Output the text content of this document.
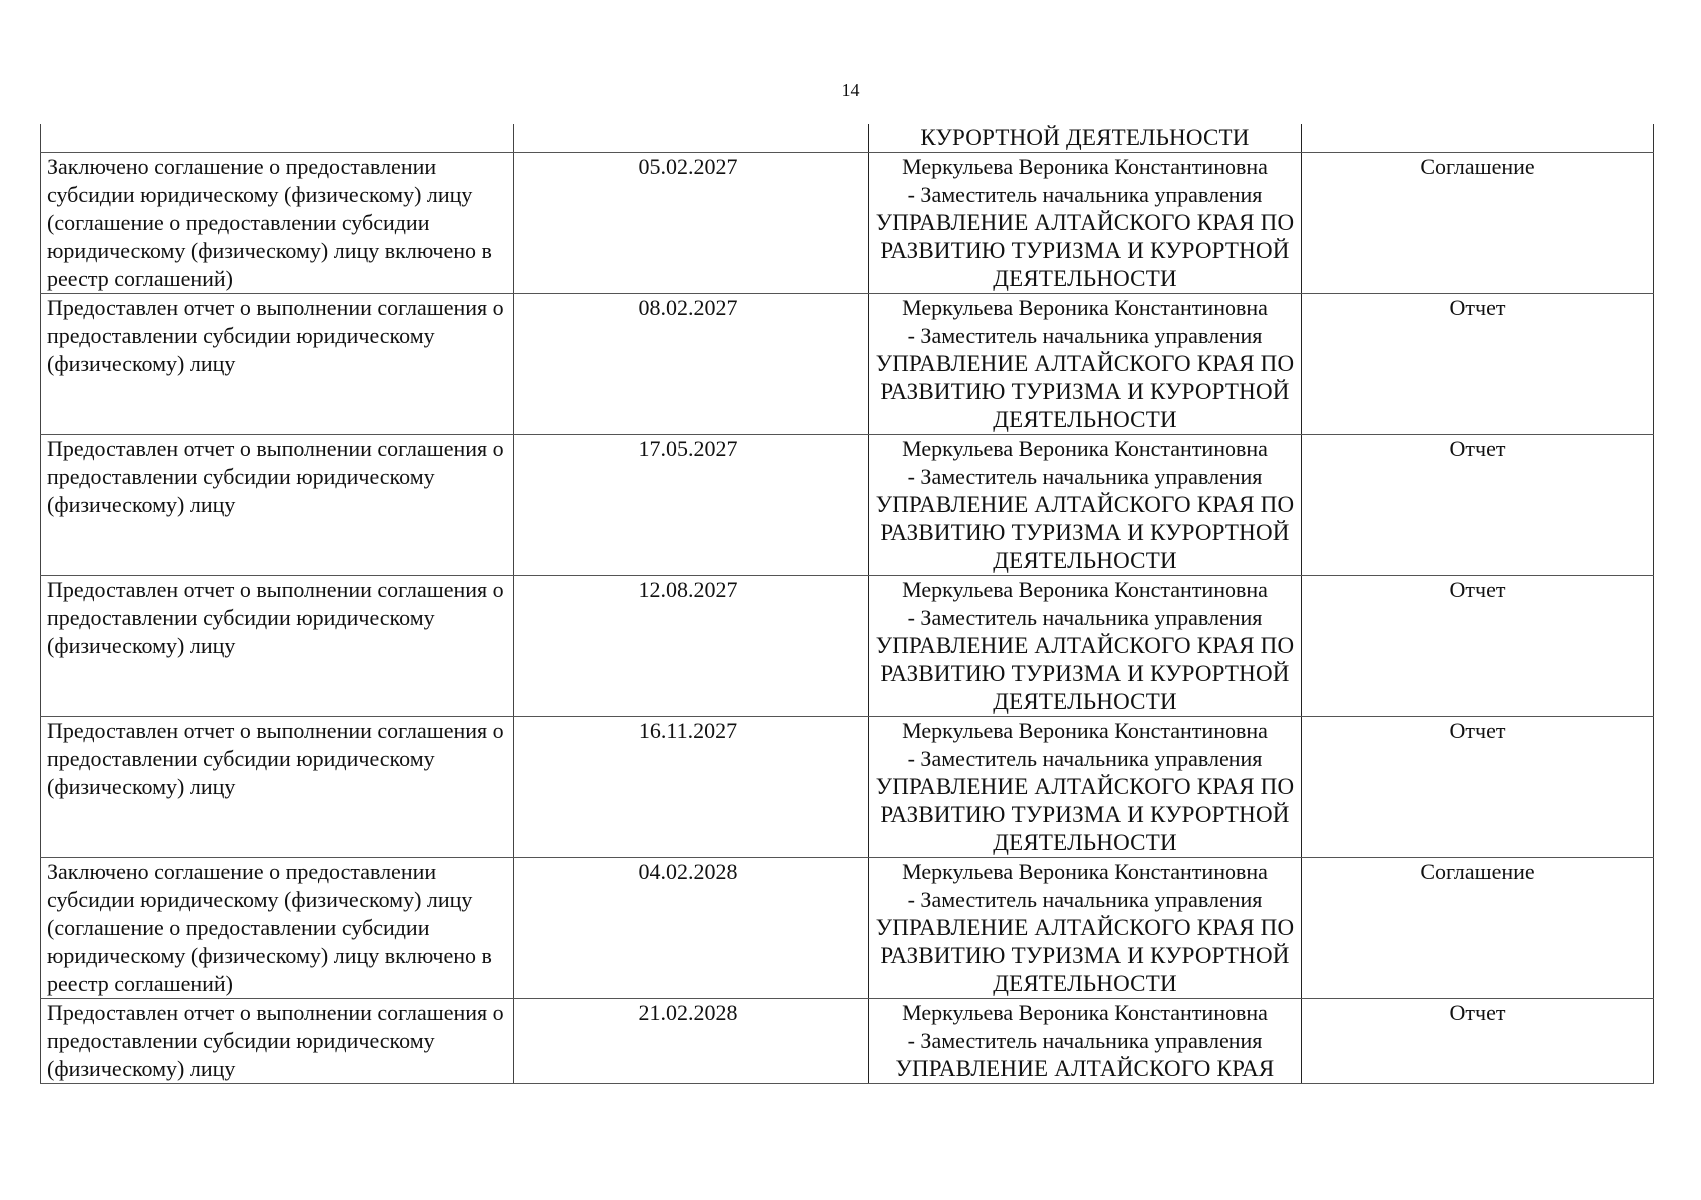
14

		КУРОРТНОЙ ДЕЯТЕЛЬНОСТИ	

Заключено соглашение о предоставлении субсидии юридическому (физическому) лицу (соглашение о предоставлении субсидии юридическому (физическому) лицу включено в реестр соглашений)	05.02.2027	Меркульева Вероника Константиновна
- Заместитель начальника управления
УПРАВЛЕНИЕ АЛТАЙСКОГО КРАЯ ПО РАЗВИТИЮ ТУРИЗМА И КУРОРТНОЙ ДЕЯТЕЛЬНОСТИ	Соглашение
Предоставлен отчет о выполнении соглашения о предоставлении субсидии юридическому (физическому) лицу	08.02.2027	Меркульева Вероника Константиновна
- Заместитель начальника управления
УПРАВЛЕНИЕ АЛТАЙСКОГО КРАЯ ПО РАЗВИТИЮ ТУРИЗМА И КУРОРТНОЙ ДЕЯТЕЛЬНОСТИ	Отчет
Предоставлен отчет о выполнении соглашения о предоставлении субсидии юридическому (физическому) лицу	17.05.2027	Меркульева Вероника Константиновна
- Заместитель начальника управления
УПРАВЛЕНИЕ АЛТАЙСКОГО КРАЯ ПО РАЗВИТИЮ ТУРИЗМА И КУРОРТНОЙ ДЕЯТЕЛЬНОСТИ	Отчет
Предоставлен отчет о выполнении соглашения о предоставлении субсидии юридическому (физическому) лицу	12.08.2027	Меркульева Вероника Константиновна
- Заместитель начальника управления
УПРАВЛЕНИЕ АЛТАЙСКОГО КРАЯ ПО РАЗВИТИЮ ТУРИЗМА И КУРОРТНОЙ ДЕЯТЕЛЬНОСТИ	Отчет
Предоставлен отчет о выполнении соглашения о предоставлении субсидии юридическому (физическому) лицу	16.11.2027	Меркульева Вероника Константиновна
- Заместитель начальника управления
УПРАВЛЕНИЕ АЛТАЙСКОГО КРАЯ ПО РАЗВИТИЮ ТУРИЗМА И КУРОРТНОЙ ДЕЯТЕЛЬНОСТИ	Отчет
Заключено соглашение о предоставлении субсидии юридическому (физическому) лицу (соглашение о предоставлении субсидии юридическому (физическому) лицу включено в реестр соглашений)	04.02.2028	Меркульева Вероника Константиновна
- Заместитель начальника управления
УПРАВЛЕНИЕ АЛТАЙСКОГО КРАЯ ПО РАЗВИТИЮ ТУРИЗМА И КУРОРТНОЙ ДЕЯТЕЛЬНОСТИ	Соглашение
Предоставлен отчет о выполнении соглашения о предоставлении субсидии юридическому (физическому) лицу	21.02.2028	Меркульева Вероника Константиновна
- Заместитель начальника управления
УПРАВЛЕНИЕ АЛТАЙСКОГО КРАЯ	Отчет
